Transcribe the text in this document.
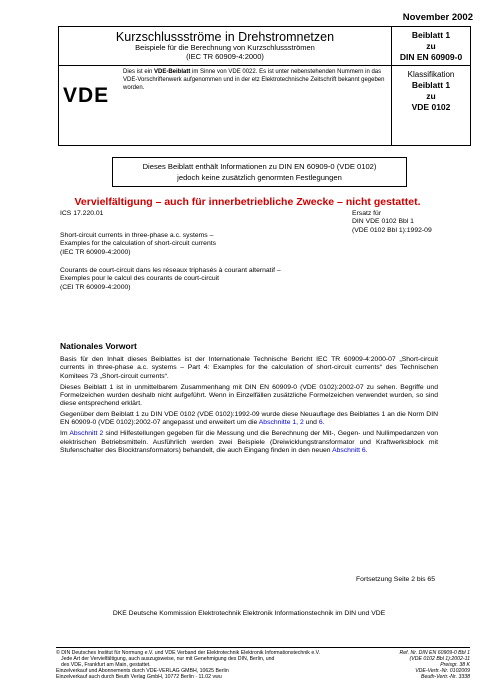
November 2002
Kurzschlussströme in Drehstromnetzen
Beispiele für die Berechnung von Kurzschlussströmen
(IEC TR 60909-4:2000)
Beiblatt 1
zu
DIN EN 60909-0
VDE
Dies ist ein VDE-Beiblatt im Sinne von VDE 0022. Es ist unter nebenstehenden Nummern in das VDE-Vorschriftenwerk aufgenommen und in der etz Elektrotechnische Zeitschrift bekannt gegeben worden.
Klassifikation
Beiblatt 1
zu
VDE 0102
Dieses Beiblatt enthält Informationen zu DIN EN 60909-0 (VDE 0102)
jedoch keine zusätzlich genormten Festlegungen
Vervielfältigung – auch für innerbetriebliche Zwecke – nicht gestattet.
ICS 17.220.01	Ersatz für
DIN VDE 0102 Bbl 1
(VDE 0102 Bbl 1):1992-09
Short-circuit currents in three-phase a.c. systems –
Examples for the calculation of short-circuit currents
(IEC TR 60909-4:2000)
Courants de court-circuit dans les réseaux triphasés à courant alternatif –
Exemples pour le calcul des courants de court-circuit
(CEI TR 60909-4:2000)
Nationales Vorwort

Basis für den Inhalt dieses Beiblattes ist der Internationale Technische Bericht IEC TR 60909-4:2000-07 „Short-circuit currents in three-phase a.c. systems – Part 4: Examples for the calculation of short-circuit currents“ des Technischen Komitees 73 „Short-circuit currents“.

Dieses Beiblatt 1 ist in unmittelbarem Zusammenhang mit DIN EN 60909-0 (VDE 0102):2002-07 zu sehen. Begriffe und Formelzeichen wurden deshalb nicht aufgeführt. Wenn in Einzelfällen zusätzliche Formelzeichen verwendet wurden, so sind diese entsprechend erklärt.

Gegenüber dem Beiblatt 1 zu DIN VDE 0102 (VDE 0102):1992-09 wurde diese Neuauflage des Beiblattes 1 an die Norm DIN EN 60909-0 (VDE 0102):2002-07 angepasst und erweitert um die Abschnitte 1, 2 und 6.

Im Abschnitt 2 sind Hilfestellungen gegeben für die Messung und die Berechnung der Mit-, Gegen- und Nullimpedanzen von elektrischen Betriebsmitteln. Ausführlich werden zwei Beispiele (Dreiwicklungstransformator und Kraftwerksblock mit Stufenschalter des Blocktransformators) behandelt, die auch Eingang finden in den neuen Abschnitt 6.

Fortsetzung Seite 2 bis 65
DKE Deutsche Kommission Elektrotechnik Elektronik Informationstechnik im DIN und VDE
© DIN Deutsches Institut für Normung e.V. und VDE Verband der Elektrotechnik Elektronik Informationstechnik e.V.
Jede Art der Vervielfältigung, auch auszugsweise, nur mit Genehmigung des DIN, Berlin, und
des VDE, Frankfurt am Main, gestattet.
Einzelverkauf und Abonnements durch VDE-VERLAG GMBH, 10625 Berlin
Einzelverkauf auch durch Beuth Verlag GmbH, 10772 Berlin · 11.02 vwu
Ref. Nr. DIN EN 60909-0 Bbl 1
(VDE 0102 Bbl 1):2002-11
Preisgr. 38 K
VDE-Vertr.-Nr. 0102009
Beuth-Vertr.-Nr. 3338
